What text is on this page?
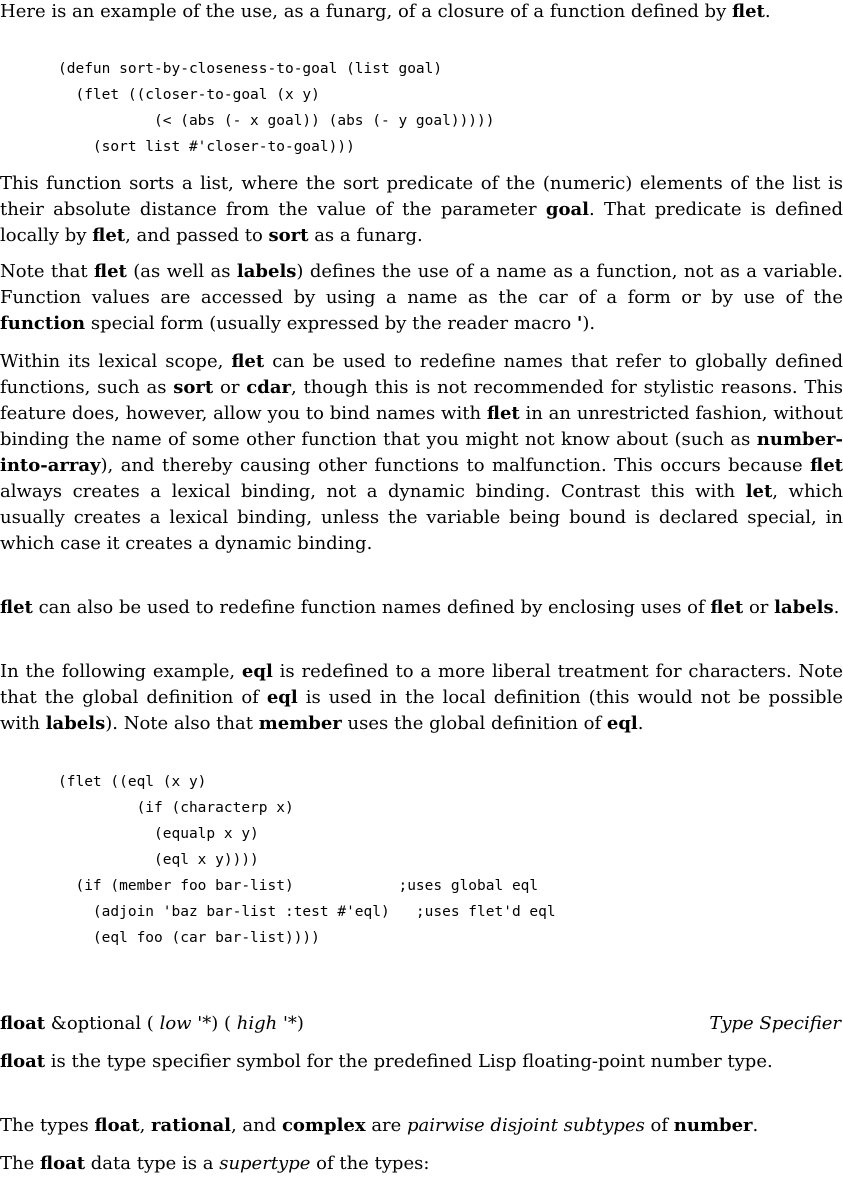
Here is an example of the use, as a funarg, of a closure of a function defined by flet.

(defun sort-by-closeness-to-goal (list goal)
(flet ((closer-to-goal (x y)
(< (abs (- x goal)) (abs (- y goal)))))
(sort list #'closer-to-goal)))

This function sorts a list, where the sort predicate of the (numeric) elements of the list is their absolute distance from the value of the parameter goal. That predicate is defined locally by flet, and passed to sort as a funarg.

Note that flet (as well as labels) defines the use of a name as a function, not as a variable. Function values are accessed by using a name as the car of a form or by use of the function special form (usually expressed by the reader macro ').

Within its lexical scope, flet can be used to redefine names that refer to globally defined functions, such as sort or cdar, though this is not recommended for stylistic reasons. This feature does, however, allow you to bind names with flet in an unrestricted fashion, without binding the name of some other function that you might not know about (such as number-into-array), and thereby causing other functions to malfunction. This occurs because flet always creates a lexical binding, not a dynamic binding. Contrast this with let, which usually creates a lexical binding, unless the variable being bound is declared special, in which case it creates a dynamic binding.

flet can also be used to redefine function names defined by enclosing uses of flet or labels.

In the following example, eql is redefined to a more liberal treatment for characters. Note that the global definition of eql is used in the local definition (this would not be possible with labels). Note also that member uses the global definition of eql.

(flet ((eql (x y)
(if (characterp x)
(equalp x y)
(eql x y))))
(if (member foo bar-list)            ;uses global eql
(adjoin 'baz bar-list :test #'eql)   ;uses flet'd eql
(eql foo (car bar-list))))
float &optional ( low '*) ( high '*)	Type Specifier

float is the type specifier symbol for the predefined Lisp floating-point number type.

The types float, rational, and complex are pairwise disjoint subtypes of number.

The float data type is a supertype of the types:
